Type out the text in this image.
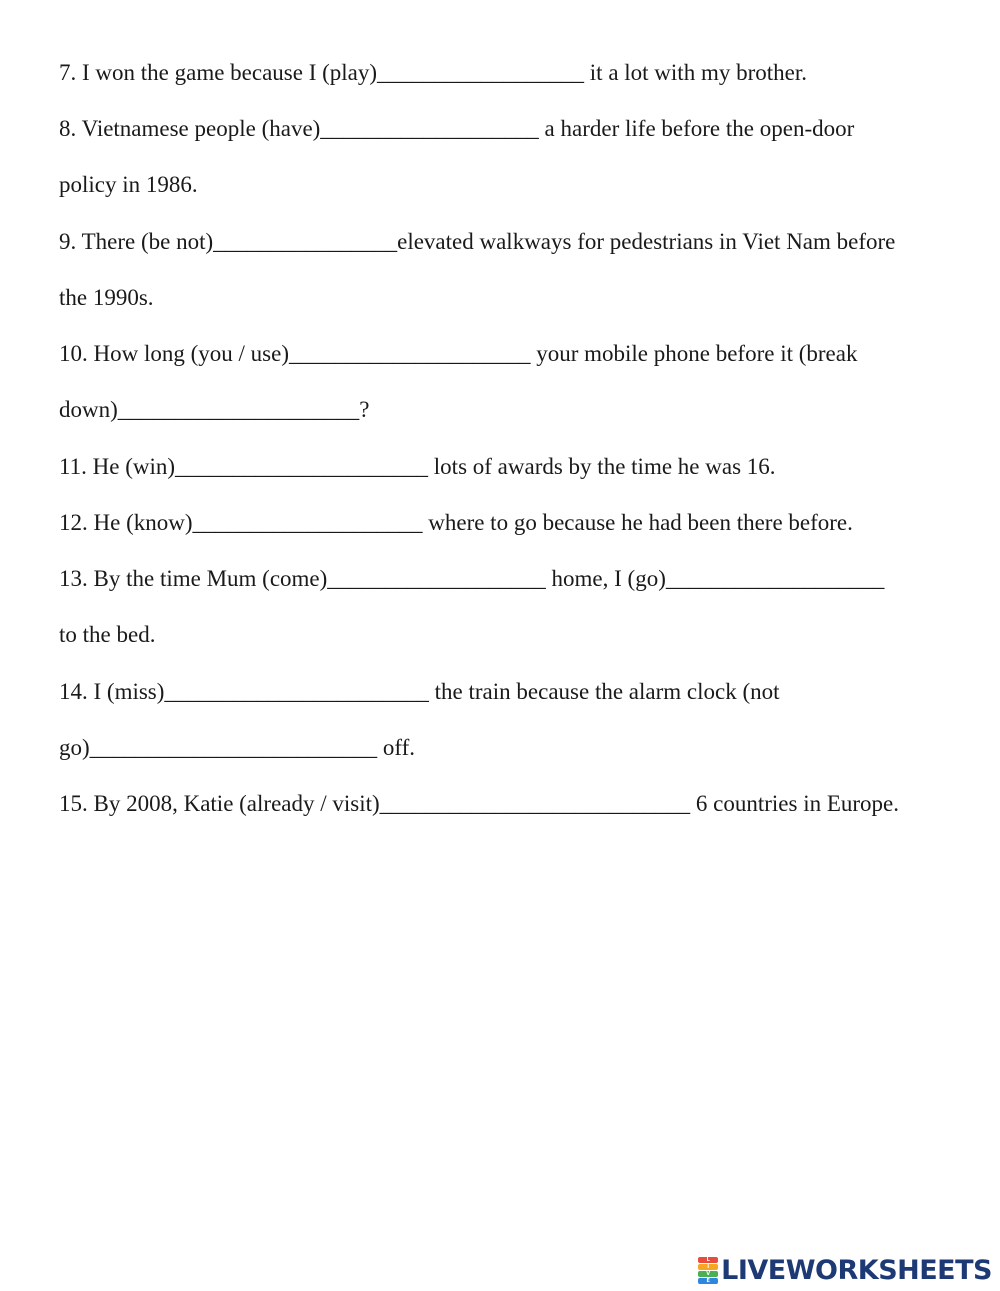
7. I won the game because I (play)__________________ it a lot with my brother.

8. Vietnamese people (have)___________________ a harder life before the open-door

policy in 1986.

9. There (be not)________________elevated walkways for pedestrians in Viet Nam before

the 1990s.

10. How long (you / use)_____________________ your mobile phone before it (break

down)_____________________?

11. He (win)______________________ lots of awards by the time he was 16.

12. He (know)____________________ where to go because he had been there before.

13. By the time Mum (come)___________________ home, I (go)___________________

to the bed.

14. I (miss)_______________________ the train because the alarm clock (not

go)_________________________ off.

15. By 2008, Katie (already / visit)___________________________ 6 countries in Europe.

L
I
V
E LIVEWORKSHEETS
